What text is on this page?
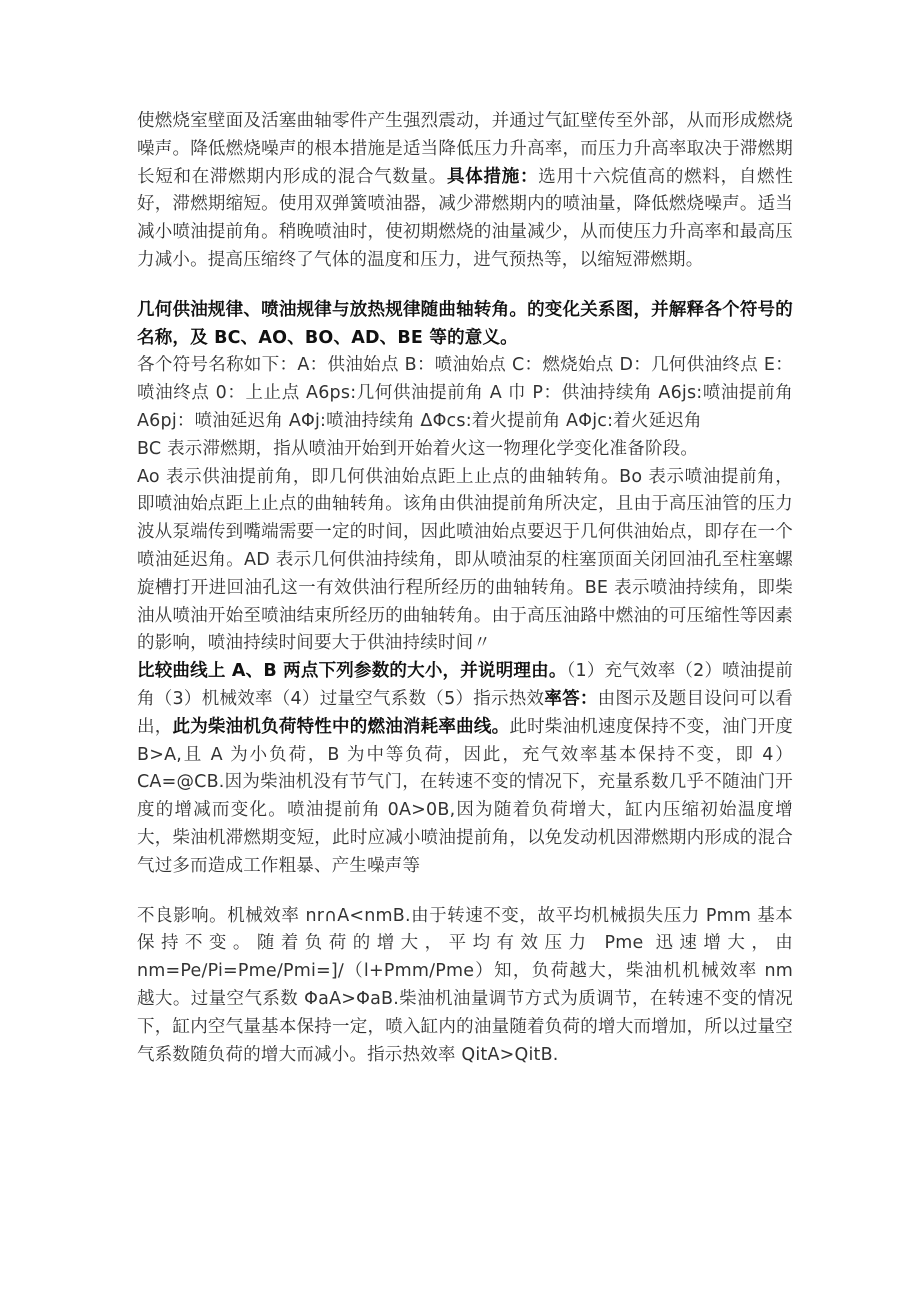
使燃烧室壁面及活塞曲轴零件产生强烈震动，并通过气缸壁传至外部，从而形成燃烧噪声。降低燃烧噪声的根本措施是适当降低压力升高率，而压力升高率取决于滞燃期长短和在滞燃期内形成的混合气数量。具体措施：选用十六烷值高的燃料，自燃性好，滞燃期缩短。使用双弹簧喷油器，减少滞燃期内的喷油量，降低燃烧噪声。适当减小喷油提前角。稍晚喷油时，使初期燃烧的油量减少，从而使压力升高率和最高压力减小。提高压缩终了气体的温度和压力，进气预热等，以缩短滞燃期。

几何供油规律、喷油规律与放热规律随曲轴转角。的变化关系图，并解释各个符号的名称，及 BC、AO、BO、AD、BE 等的意义。

各个符号名称如下：A：供油始点 B：喷油始点 C：燃烧始点 D：几何供油终点 E：喷油终点 0：上止点 A6ps:几何供油提前角 A 巾 P：供油持续角 A6js:喷油提前角 A6pj：喷油延迟角 AΦj:喷油持续角 ΔΦcs:着火提前角 AΦjc:着火延迟角

BC 表示滞燃期，指从喷油开始到开始着火这一物理化学变化准备阶段。

Ao 表示供油提前角，即几何供油始点距上止点的曲轴转角。Bo 表示喷油提前角，即喷油始点距上止点的曲轴转角。该角由供油提前角所决定，且由于高压油管的压力波从泵端传到嘴端需要一定的时间，因此喷油始点要迟于几何供油始点，即存在一个喷油延迟角。AD 表示几何供油持续角，即从喷油泵的柱塞顶面关闭回油孔至柱塞螺旋槽打开进回油孔这一有效供油行程所经历的曲轴转角。BE 表示喷油持续角，即柴油从喷油开始至喷油结束所经历的曲轴转角。由于高压油路中燃油的可压缩性等因素的影响，喷油持续时间要大于供油持续时间〃

比较曲线上 A、B 两点下列参数的大小，并说明理由。（1）充气效率（2）喷油提前角（3）机械效率（4）过量空气系数（5）指示热效率答：由图示及题目设问可以看出，此为柴油机负荷特性中的燃油消耗率曲线。此时柴油机速度保持不变，油门开度 B>A,且 A 为小负荷，B 为中等负荷，因此，充气效率基本保持不变，即 4）CA=@CB.因为柴油机没有节气门，在转速不变的情况下，充量系数几乎不随油门开度的增减而变化。喷油提前角 0A>0B,因为随着负荷增大，缸内压缩初始温度增大，柴油机滞燃期变短，此时应减小喷油提前角，以免发动机因滞燃期内形成的混合气过多而造成工作粗暴、产生噪声等

不良影响。机械效率 nr∩A<nmB.由于转速不变，故平均机械损失压力 Pmm 基本保持不变。随着负荷的增大，平均有效压力 Pme 迅速增大，由 nm=Pe∕Pi=Pme∕Pmi=]∕（l+Pmm∕Pme）知，负荷越大，柴油机机械效率 nm 越大。过量空气系数 ΦaA>ΦaB.柴油机油量调节方式为质调节，在转速不变的情况下，缸内空气量基本保持一定，喷入缸内的油量随着负荷的增大而增加，所以过量空气系数随负荷的增大而减小。指示热效率 QitA>QitB.
